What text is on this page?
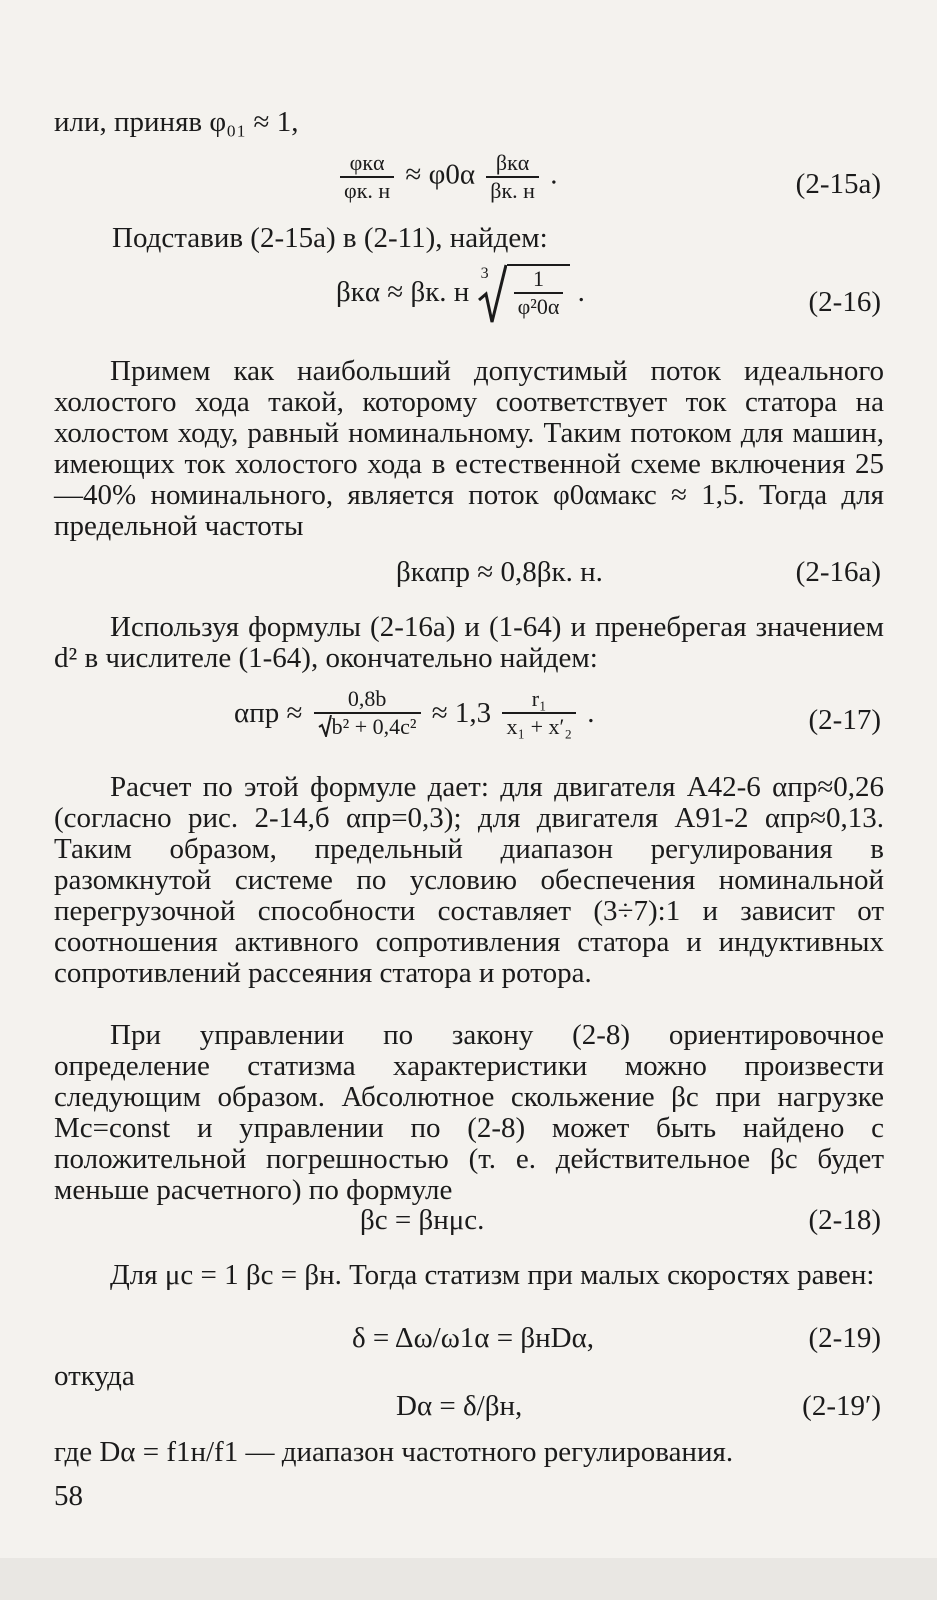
или, приняв φ₀₁ ≈ 1,
$\frac{\text{φкα}}{\varphi к. н} \approx \varphi 0\alpha \frac{\text{βкα}}{\beta к. н}$ .	(2-15a)
Подставив (2-15а) в (2-11), найдем:
βкα ≈ βк. н
$3 \frac{1}{\text{φ²0α}}$ .	(2-16)

Примем как наибольший допустимый поток идеального холостого хода такой, которому соответствует ток статора на холостом ходу, равный номинальному. Таким потоком для машин, имеющих ток холостого хода в естественной схеме включения 25—40% номинального, является поток φ0αмакс ≈ 1,5. Тогда для предельной частоты

βкαпр ≈ 0,8βк. н.	(2-16a)

Используя формулы (2-16а) и (1-64) и пренебрегая значением d² в числителе (1-64), окончательно найдем:

$\alpha пр \approx \frac{0,8b}{\text{b² + 0,4c²}} \approx 1,3 \frac{\text{r₁}}{\text{x₁ + x′₂}}$ .	(2-17)

Расчет по этой формуле дает: для двигателя А42-6 αпр≈0,26 (согласно рис. 2-14,б αпр=0,3); для двигателя А91-2 αпр≈0,13. Таким образом, предельный диапазон регулирования в разомкнутой системе по условию обеспечения номинальной перегрузочной способности составляет (3÷7):1 и зависит от соотношения активного сопротивления статора и индуктивных сопротивлений рассеяния статора и ротора.

При управлении по закону (2-8) ориентировочное определение статизма характеристики можно произвести следующим образом. Абсолютное скольжение βc при нагрузке Mc=const и управлении по (2-8) может быть найдено с положительной погрешностью (т. е. действительное βc будет меньше расчетного) по формуле

βc = βнμc.	(2-18)

Для μc = 1 βc = βн. Тогда статизм при малых скоростях равен:

δ = Δω/ω1α = βнDα,	(2-19)
откуда
Dα = δ/βн,	(2-19′)
где Dα = f1н/f1 — диапазон частотного регулирования.
58
